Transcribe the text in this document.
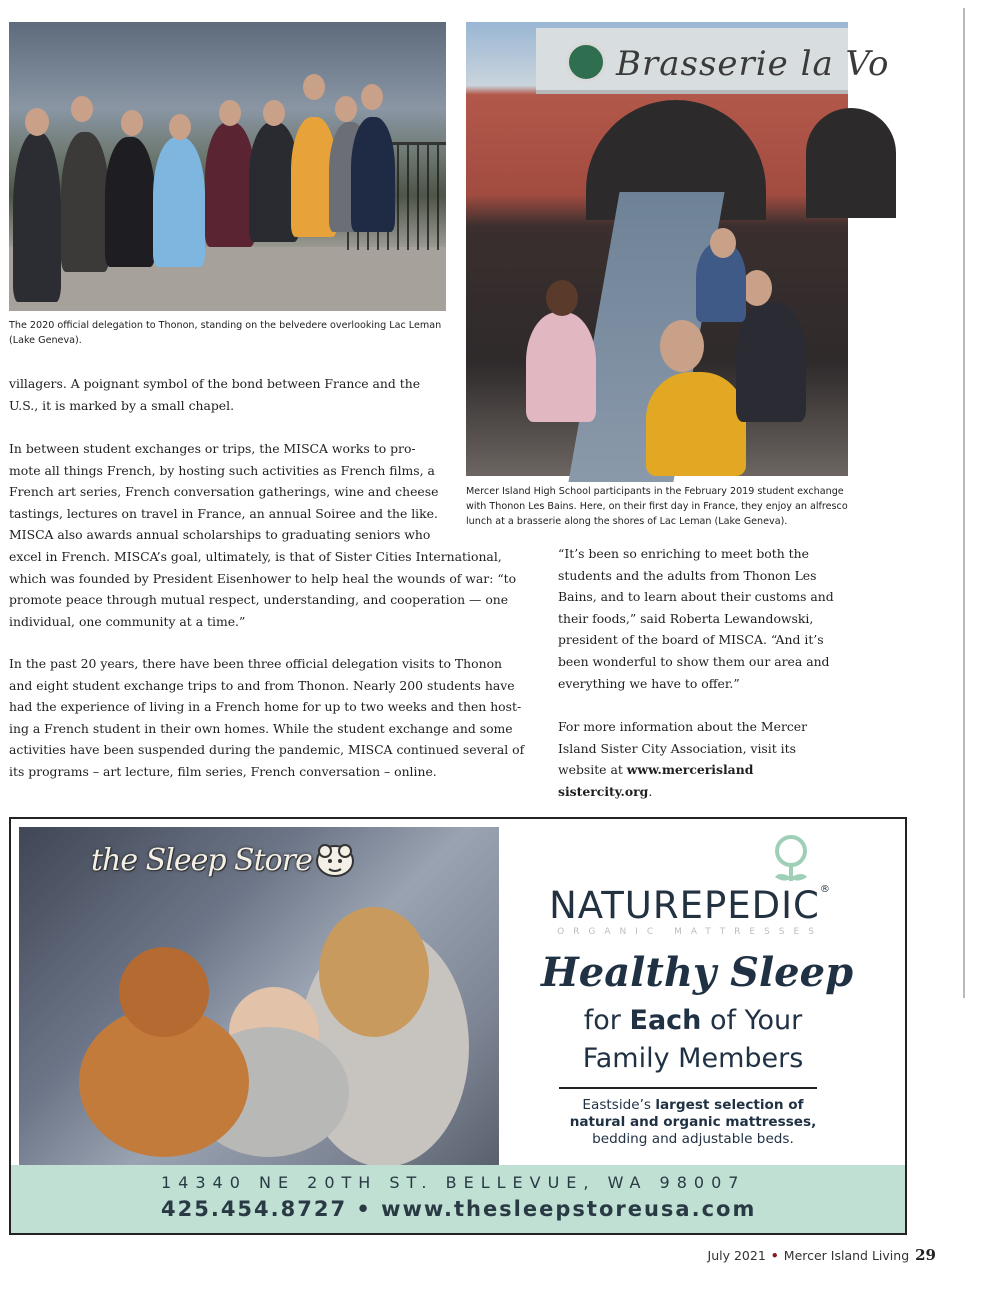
The 2020 official delegation to Thonon, standing on the belvedere overlooking Lac Leman
(Lake Geneva).
Brasserie la Vo
Mercer Island High School participants in the February 2019 student exchange
with Thonon Les Bains. Here, on their first day in France, they enjoy an alfresco
lunch at a brasserie along the shores of Lac Leman (Lake Geneva).
villagers. A poignant symbol of the bond between France and the
U.S., it is marked by a small chapel.
In between student exchanges or trips, the MISCA works to pro-
mote all things French, by hosting such activities as French films, a
French art series, French conversation gatherings, wine and cheese
tastings, lectures on travel in France, an annual Soiree and the like.
MISCA also awards annual scholarships to graduating seniors who
excel in French. MISCA’s goal, ultimately, is that of Sister Cities International,
which was founded by President Eisenhower to help heal the wounds of war: “to
promote peace through mutual respect, understanding, and cooperation — one
individual, one community at a time.”
In the past 20 years, there have been three official delegation visits to Thonon
and eight student exchange trips to and from Thonon. Nearly 200 students have
had the experience of living in a French home for up to two weeks and then host-
ing a French student in their own homes. While the student exchange and some
activities have been suspended during the pandemic, MISCA continued several of
its programs – art lecture, film series, French conversation – online.
“It’s been so enriching to meet both the
students and the adults from Thonon Les
Bains, and to learn about their customs and
their foods,” said Roberta Lewandowski,
president of the board of MISCA. “And it’s
been wonderful to show them our area and
everything we have to offer.”
For more information about the Mercer
Island Sister City Association, visit its
website at www.mercerisland
sistercity.org.
the Sleep Store
NATUREPEDIC®
ORGANIC MATTRESSES
Healthy Sleep
for Each of Your
Family Members
Eastside’s largest selection of
natural and organic mattresses,
bedding and adjustable beds.
14340 NE 20TH ST. BELLEVUE, WA 98007
425.454.8727 • www.thesleepstoreusa.com
July 2021 • Mercer Island Living 29
